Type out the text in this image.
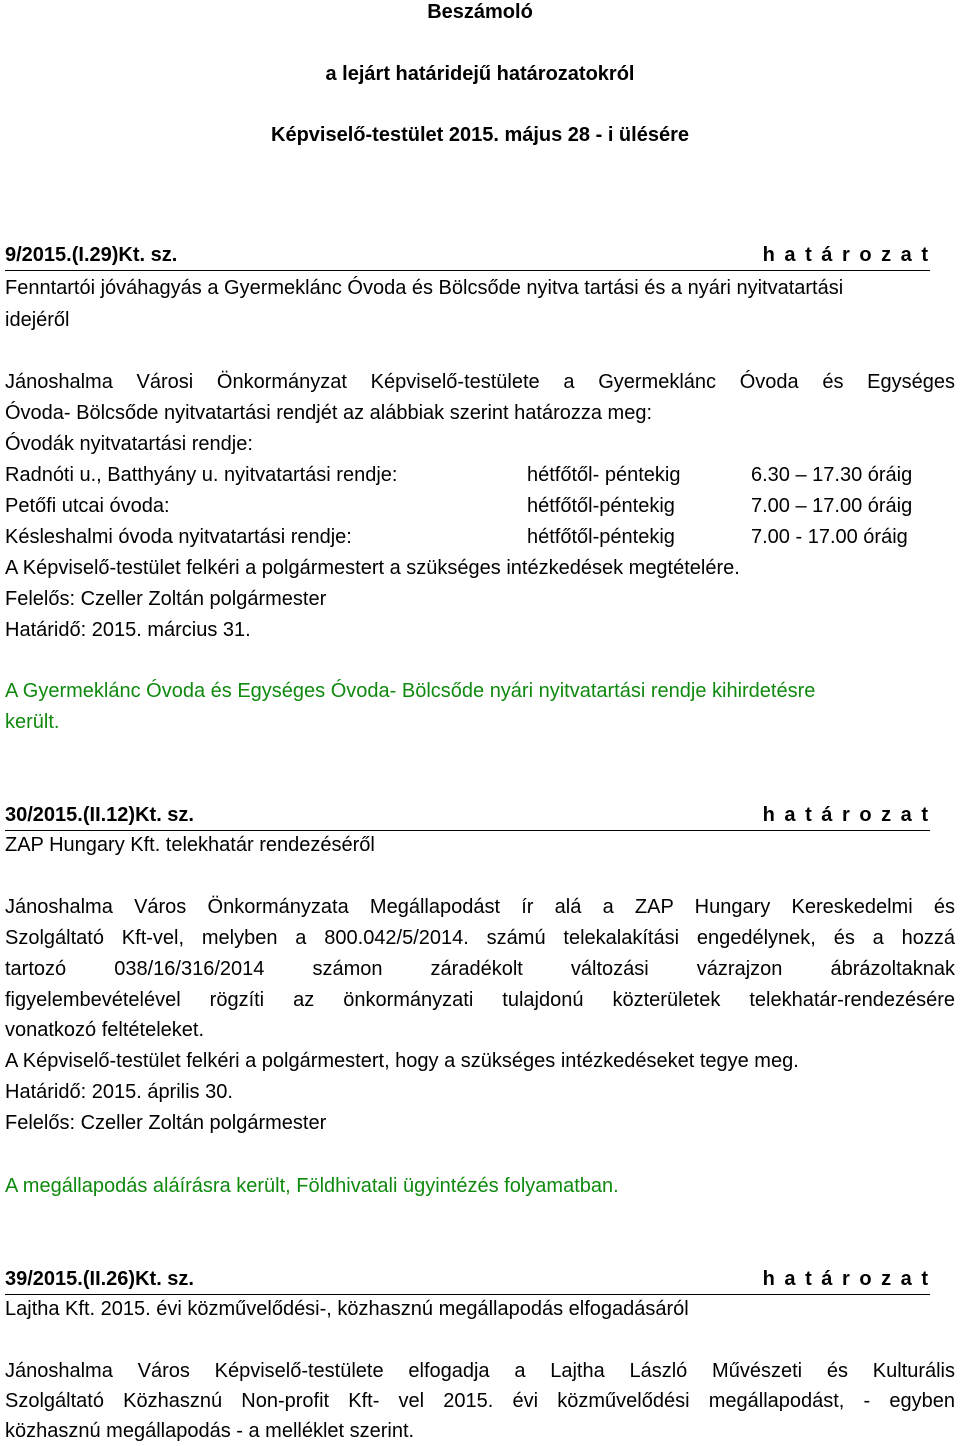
Beszámoló
a lejárt határidejű határozatokról
Képviselő-testület 2015. május 28 - i ülésére
9/2015.(I.29)Kt. sz.	h a t á r o z a t
Fenntartói jóváhagyás a Gyermeklánc Óvoda és Bölcsőde nyitva tartási és a nyári nyitvatartási
idejéről
Jánoshalma Városi Önkormányzat Képviselő-testülete a Gyermeklánc Óvoda és Egységes
Óvoda- Bölcsőde nyitvatartási rendjét az alábbiak szerint határozza meg:
Óvodák nyitvatartási rendje:
Radnóti u., Batthyány u. nyitvatartási rendje:	hétfőtől- péntekig	6.30 – 17.30 óráig
Petőfi utcai óvoda:	hétfőtől-péntekig	7.00 – 17.00 óráig
Késleshalmi óvoda nyitvatartási rendje:	hétfőtől-péntekig	7.00 - 17.00 óráig
A Képviselő-testület felkéri a polgármestert a szükséges intézkedések megtételére.
Felelős: Czeller Zoltán polgármester
Határidő: 2015. március 31.
A Gyermeklánc Óvoda és Egységes Óvoda- Bölcsőde nyári nyitvatartási rendje kihirdetésre
került.
30/2015.(II.12)Kt. sz.	h a t á r o z a t
ZAP Hungary Kft. telekhatár rendezéséről
Jánoshalma Város Önkormányzata Megállapodást ír alá a ZAP Hungary Kereskedelmi és
Szolgáltató Kft-vel, melyben a 800.042/5/2014. számú telekalakítási engedélynek, és a hozzá
tartozó 038/16/316/2014 számon záradékolt változási vázrajzon ábrázoltaknak
figyelembevételével rögzíti az önkormányzati tulajdonú közterületek telekhatár-rendezésére
vonatkozó feltételeket.
A Képviselő-testület felkéri a polgármestert, hogy a szükséges intézkedéseket tegye meg.
Határidő: 2015. április 30.
Felelős: Czeller Zoltán polgármester
A megállapodás aláírásra került, Földhivatali ügyintézés folyamatban.
39/2015.(II.26)Kt. sz.	h a t á r o z a t
Lajtha Kft. 2015. évi közművelődési-, közhasznú megállapodás elfogadásáról
Jánoshalma Város Képviselő-testülete elfogadja a Lajtha László Művészeti és Kulturális
Szolgáltató Közhasznú Non-profit Kft- vel 2015. évi közművelődési megállapodást, - egyben
közhasznú megállapodás - a melléklet szerint.
